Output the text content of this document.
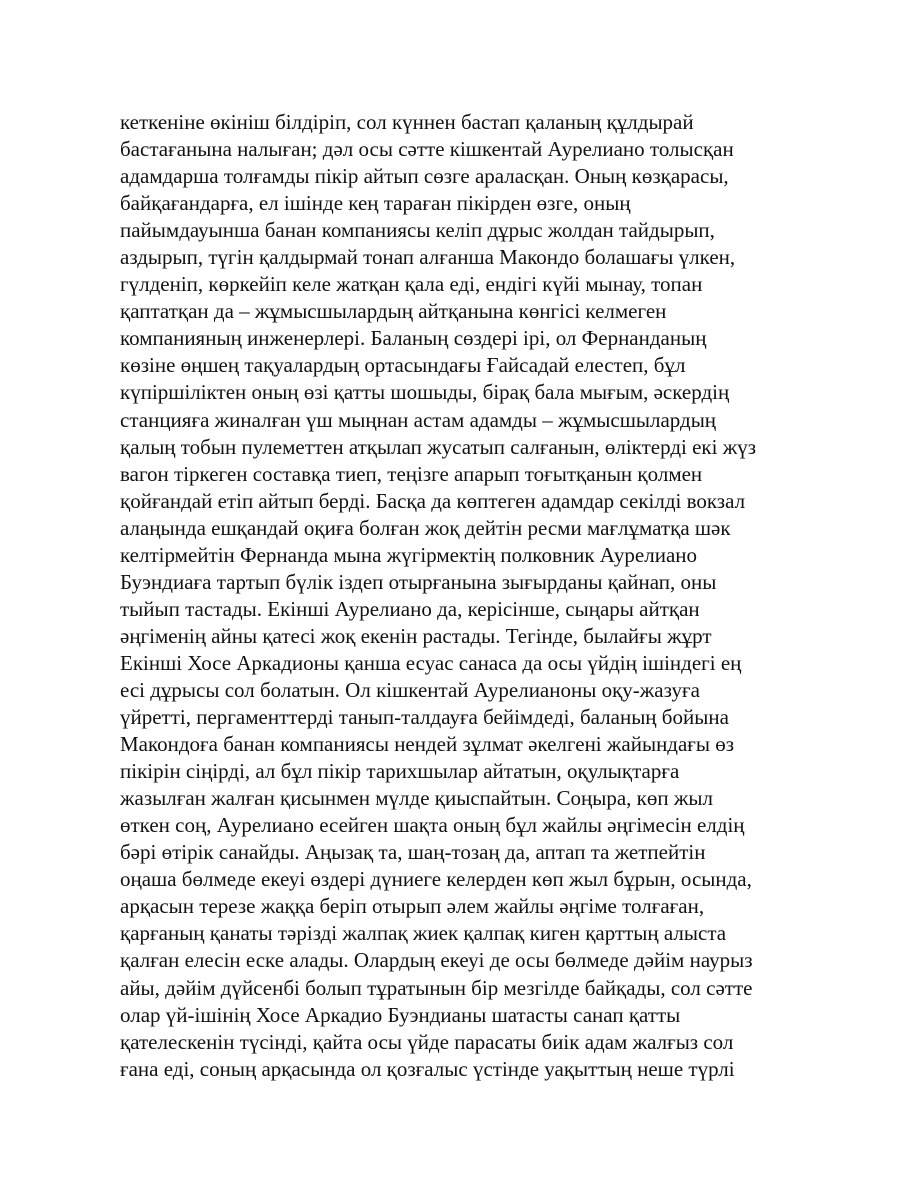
кеткеніне өкініш білдіріп, сол күннен бастап қаланың құлдырай
бастағанына налыған; дәл осы сәтте кішкентай Аурелиано толысқан
адамдарша толғамды пікір айтып сөзге араласқан. Оның көзқарасы,
байқағандарға, ел ішінде кең тараған пікірден өзге, оның
пайымдауынша банан компаниясы келіп дұрыс жолдан тайдырып,
аздырып, түгін қалдырмай тонап алғанша Макондо болашағы үлкен,
гүлденіп, көркейіп келе жатқан қала еді, ендігі күйі мынау, топан
қаптатқан да – жұмысшылардың айтқанына көнгісі келмеген
компанияның инженерлері. Баланың сөздері ірі, ол Фернанданың
көзіне өңшең тақуалардың ортасындағы Ғайсадай елестеп, бұл
күпіршіліктен оның өзі қатты шошыды, бірақ бала мығым, әскердің
станцияға жиналған үш мыңнан астам адамды – жұмысшылардың
қалың тобын пулеметтен атқылап жусатып салғанын, өліктерді екі жүз
вагон тіркеген составқа тиеп, теңізге апарып тоғытқанын қолмен
қойғандай етіп айтып берді. Басқа да көптеген адамдар секілді вокзал
алаңында ешқандай оқиға болған жоқ дейтін ресми мағлұматқа шәк
келтірмейтін Фернанда мына жүгірмектің полковник Аурелиано
Буэндиаға тартып бүлік іздеп отырғанына зығырданы қайнап, оны
тыйып тастады. Екінші Аурелиано да, керісінше, сыңары айтқан
әңгіменің айны қатесі жоқ екенін растады. Тегінде, былайғы жұрт
Екінші Хосе Аркадионы қанша есуас санаса да осы үйдің ішіндегі ең
есі дұрысы сол болатын. Ол кішкентай Аурелианоны оқу-жазуға
үйретті, пергаменттерді танып-талдауға бейімдеді, баланың бойына
Макондоға банан компаниясы нендей зұлмат әкелгені жайындағы өз
пікірін сіңірді, ал бұл пікір тарихшылар айтатын, оқулықтарға
жазылған жалған қисынмен мүлде қиыспайтын. Соңыра, көп жыл
өткен соң, Аурелиано есейген шақта оның бұл жайлы әңгімесін елдің
бәрі өтірік санайды. Аңызақ та, шаң-тозаң да, аптап та жетпейтін
оңаша бөлмеде екеуі өздері дүниеге келерден көп жыл бұрын, осында,
арқасын терезе жаққа беріп отырып әлем жайлы әңгіме толғаған,
қарғаның қанаты тәрізді жалпақ жиек қалпақ киген қарттың алыста
қалған елесін еске алады. Олардың екеуі де осы бөлмеде дәйім наурыз
айы, дәйім дүйсенбі болып тұратынын бір мезгілде байқады, сол сәтте
олар үй-ішінің Хосе Аркадио Буэндианы шатасты санап қатты
қателескенін түсінді, қайта осы үйде парасаты биік адам жалғыз сол
ғана еді, соның арқасында ол қозғалыс үстінде уақыттың неше түрлі
